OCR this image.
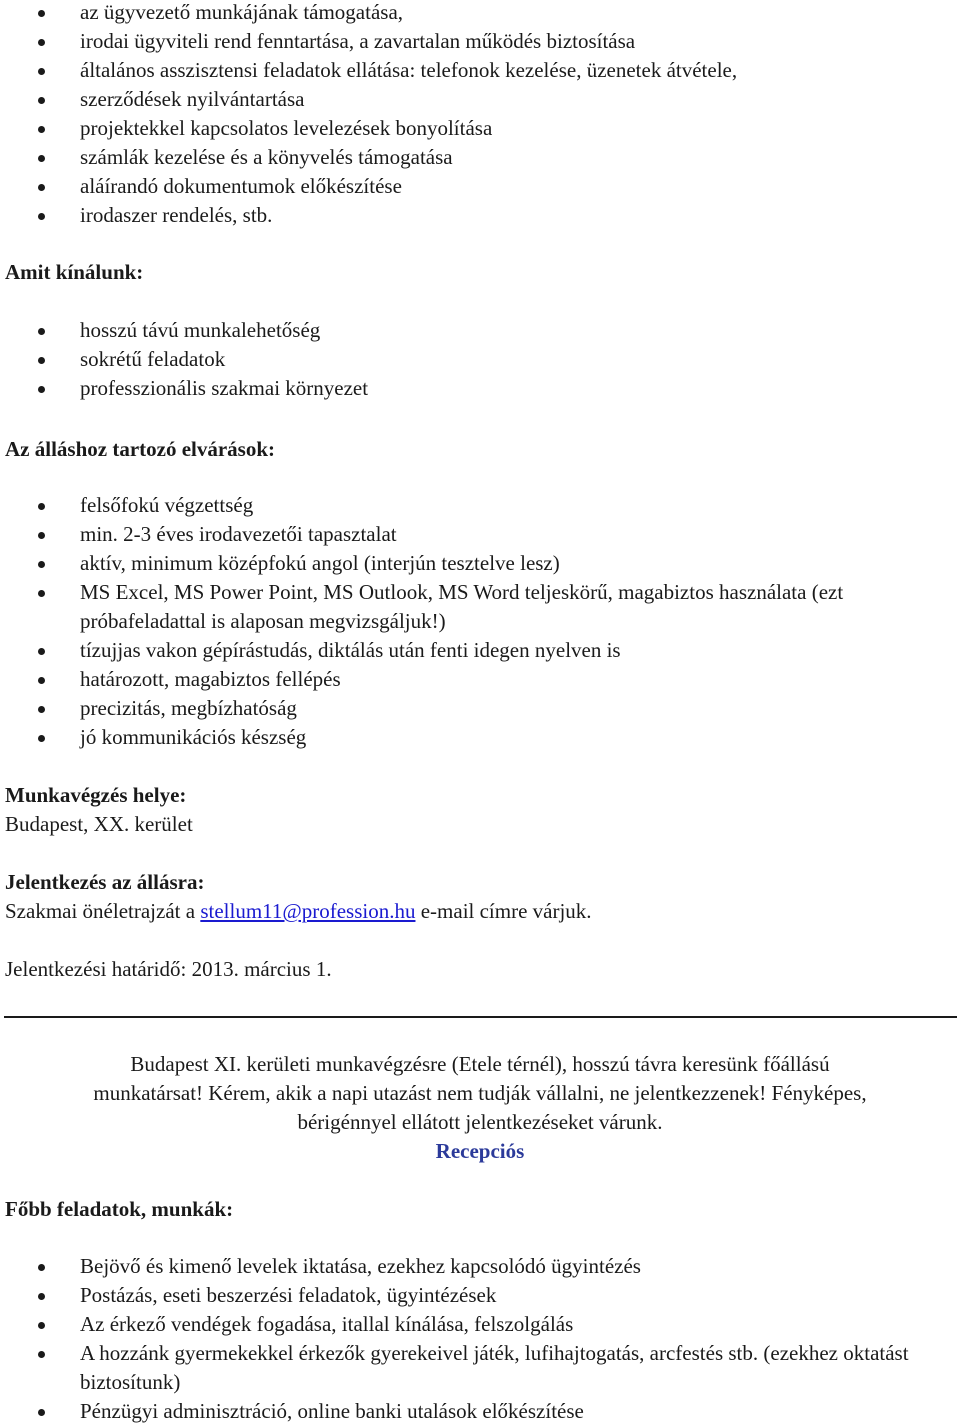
az ügyvezető munkájának támogatása,
irodai ügyviteli rend fenntartása, a zavartalan működés biztosítása
általános asszisztensi feladatok ellátása: telefonok kezelése, üzenetek átvétele,
szerződések nyilvántartása
projektekkel kapcsolatos levelezések bonyolítása
számlák kezelése és a könyvelés támogatása
aláírandó dokumentumok előkészítése
irodaszer rendelés, stb.

Amit kínálunk:

hosszú távú munkalehetőség
sokrétű feladatok
professzionális szakmai környezet

Az álláshoz tartozó elvárások:

felsőfokú végzettség
min. 2-3 éves irodavezetői tapasztalat
aktív, minimum középfokú angol (interjún tesztelve lesz)
MS Excel, MS Power Point, MS Outlook, MS Word teljeskörű, magabiztos használata (ezt próbafeladattal is alaposan megvizsgáljuk!)
tízujjas vakon gépírástudás, diktálás után fenti idegen nyelven is
határozott, magabiztos fellépés
precizitás, megbízhatóság
jó kommunikációs készség

Munkavégzés helye:

Budapest, XX. kerület

Jelentkezés az állásra:

Szakmai önéletrajzát a stellum11@profession.hu e-mail címre várjuk.

Jelentkezési határidő: 2013. március 1.

Budapest XI. kerületi munkavégzésre (Etele térnél), hosszú távra keresünk főállású
munkatársat! Kérem, akik a napi utazást nem tudják vállalni, ne jelentkezzenek! Fényképes,
bérigénnyel ellátott jelentkezéseket várunk.
Recepciós

Főbb feladatok, munkák:

Bejövő és kimenő levelek iktatása, ezekhez kapcsolódó ügyintézés
Postázás, eseti beszerzési feladatok, ügyintézések
Az érkező vendégek fogadása, itallal kínálása, felszolgálás
A hozzánk gyermekekkel érkezők gyerekeivel játék, lufihajtogatás, arcfestés stb. (ezekhez oktatást biztosítunk)
Pénzügyi adminisztráció, online banki utalások előkészítése
